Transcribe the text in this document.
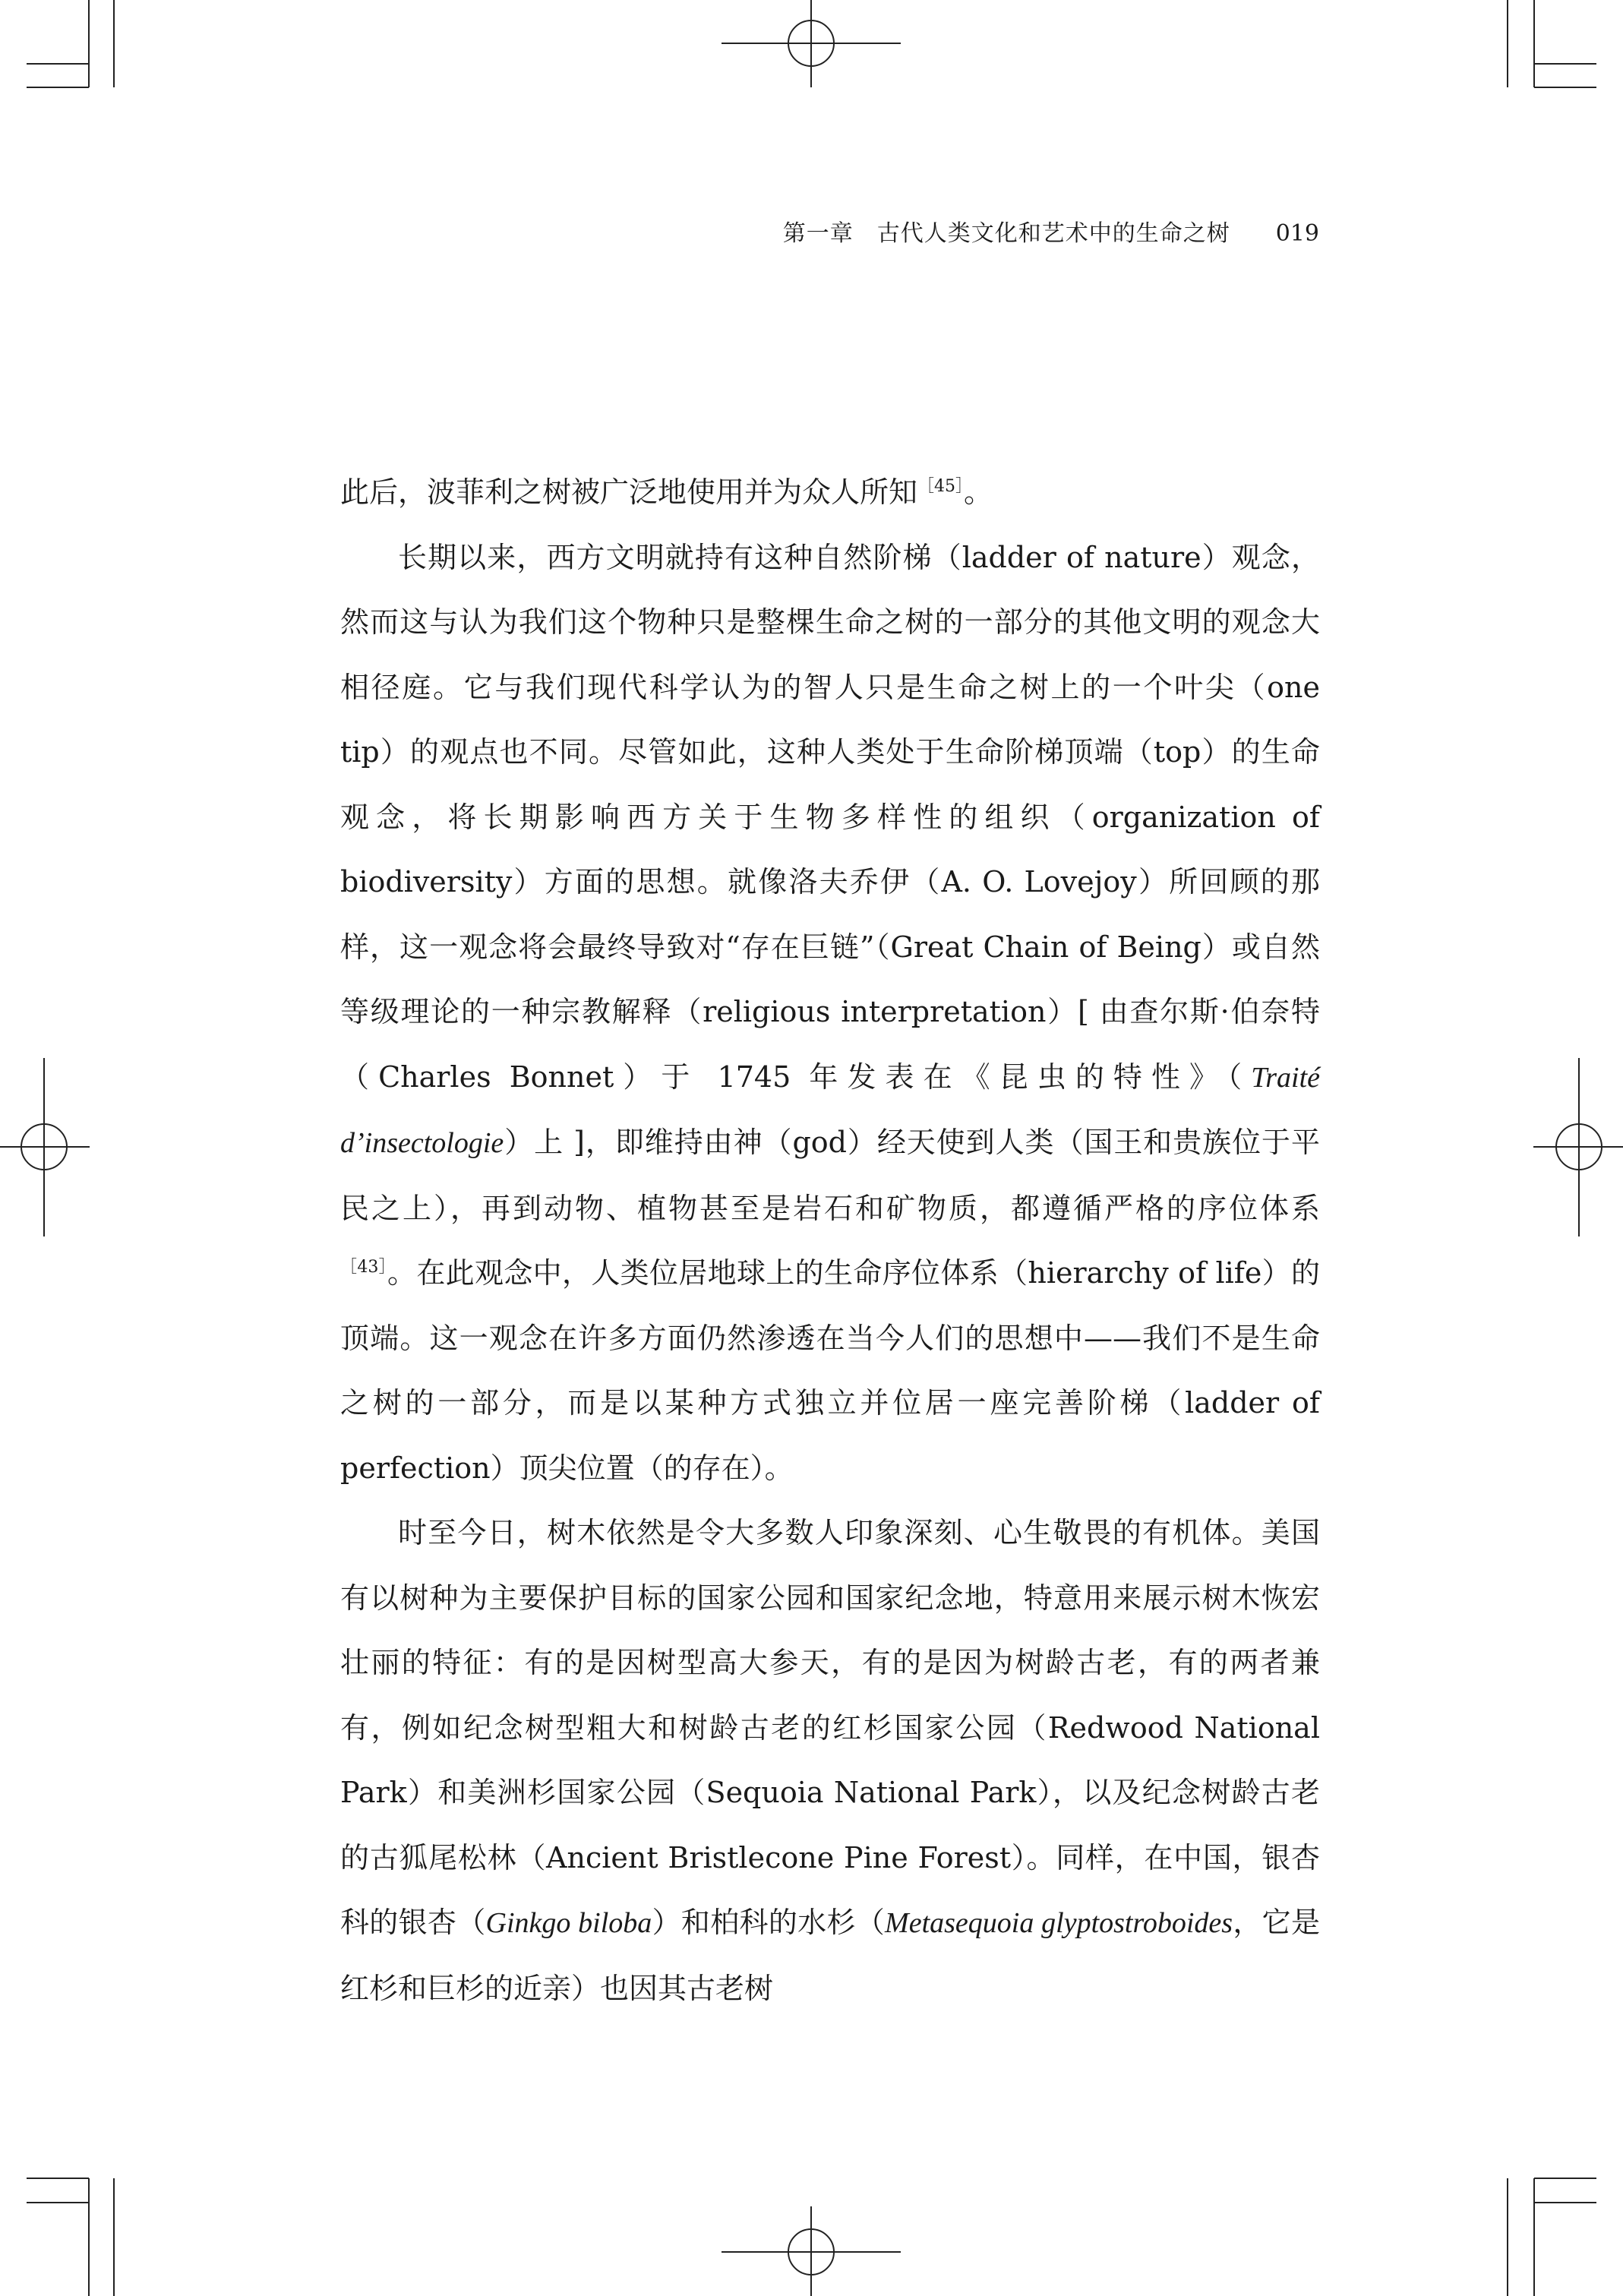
第一章　古代人类文化和艺术中的生命之树 019

此后，波菲利之树被广泛地使用并为众人所知$^{[45]}$。

长期以来，西方文明就持有这种自然阶梯（ladder of nature）观念，然而这与认为我们这个物种只是整棵生命之树的一部分的其他文明的观念大相径庭。它与我们现代科学认为的智人只是生命之树上的一个叶尖（one tip）的观点也不同。尽管如此，这种人类处于生命阶梯顶端（top）的生命观念，将长期影响西方关于生物多样性的组织（organization of biodiversity）方面的思想。就像洛夫乔伊（A. O. Lovejoy）所回顾的那样，这一观念将会最终导致对“存在巨链”（Great Chain of Being）或自然等级理论的一种宗教解释（religious interpretation）[ 由查尔斯·伯奈特（Charles Bonnet）于 1745 年发表在《昆虫的特性》（Traité d’insectologie）上 ]，即维持由神（god）经天使到人类（国王和贵族位于平民之上），再到动物、植物甚至是岩石和矿物质，都遵循严格的序位体系$^{[43]}$。在此观念中，人类位居地球上的生命序位体系（hierarchy of life）的顶端。这一观念在许多方面仍然渗透在当今人们的思想中——我们不是生命之树的一部分，而是以某种方式独立并位居一座完善阶梯（ladder of perfection）顶尖位置（的存在）。

时至今日，树木依然是令大多数人印象深刻、心生敬畏的有机体。美国有以树种为主要保护目标的国家公园和国家纪念地，特意用来展示树木恢宏壮丽的特征：有的是因树型高大参天，有的是因为树龄古老，有的两者兼有，例如纪念树型粗大和树龄古老的红杉国家公园（Redwood National Park）和美洲杉国家公园（Sequoia National Park），以及纪念树龄古老的古狐尾松林（Ancient Bristlecone Pine Forest）。同样，在中国，银杏科的银杏（Ginkgo biloba）和柏科的水杉（Metasequoia glyptostroboides，它是红杉和巨杉的近亲）也因其古老树
